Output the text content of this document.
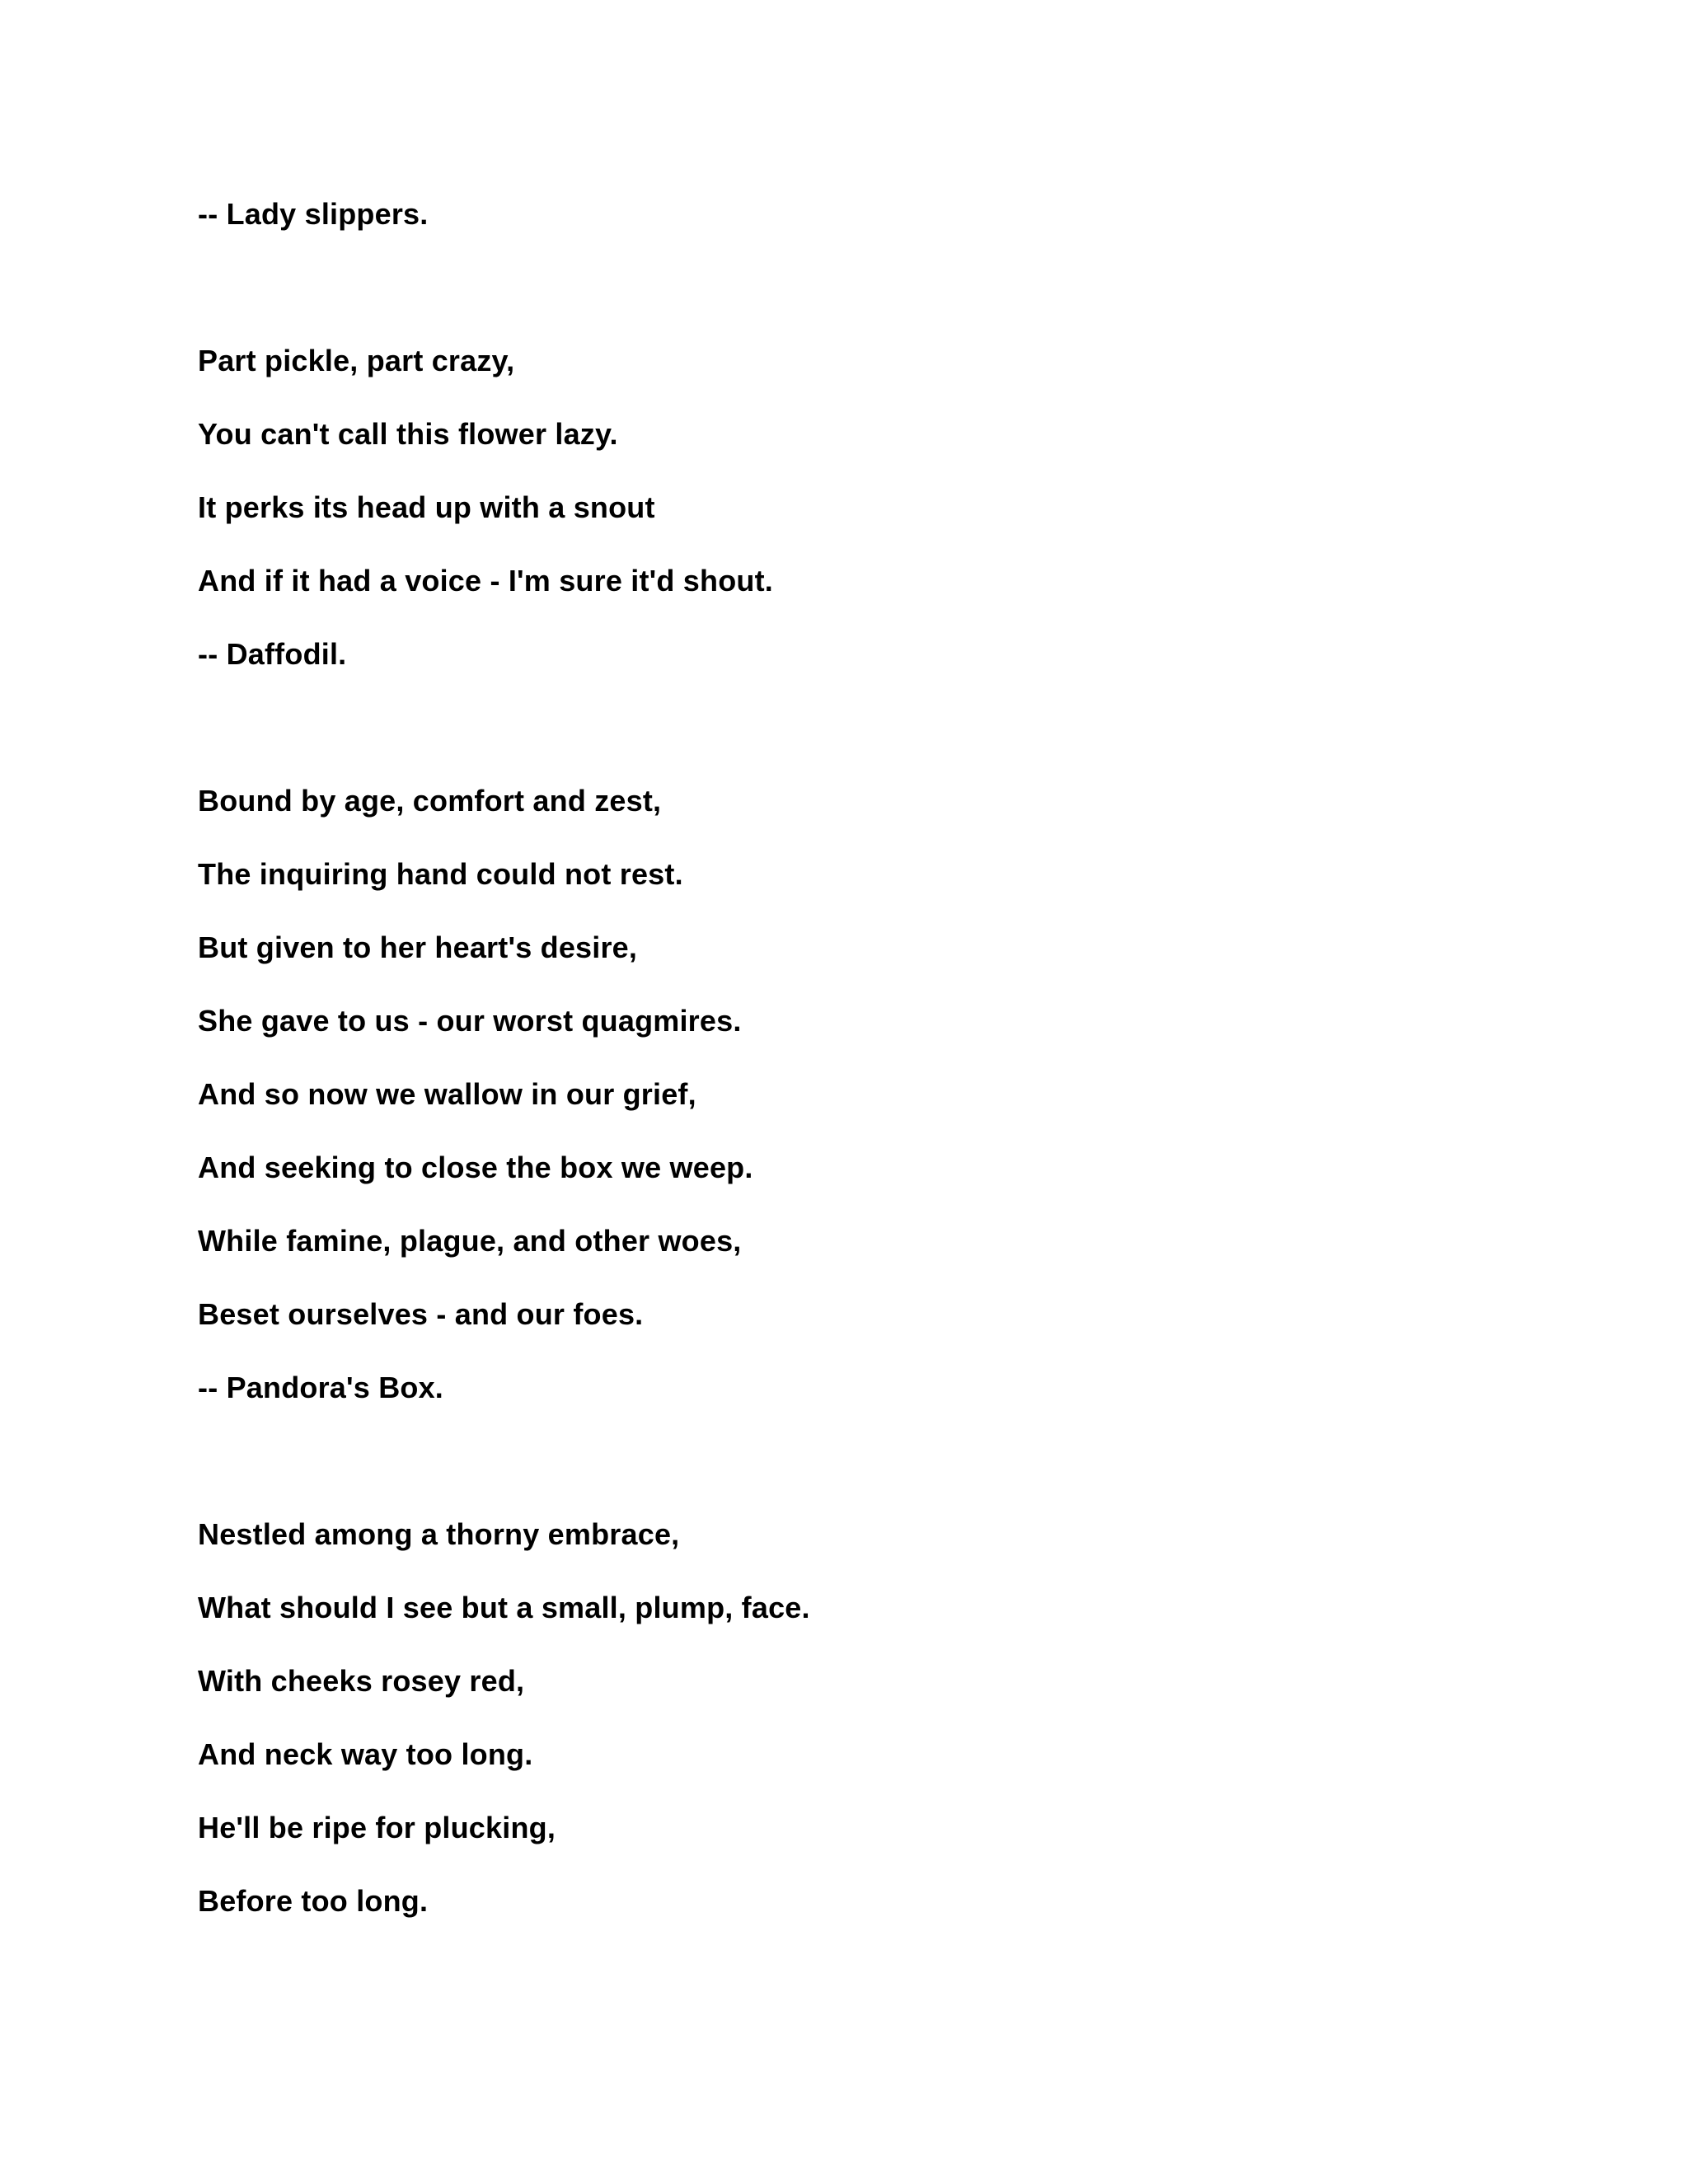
-- Lady slippers.

Part pickle, part crazy,

You can't call this flower lazy.

It perks its head up with a snout

And if it had a voice - I'm sure it'd shout.

-- Daffodil.

Bound by age, comfort and zest,

The inquiring hand could not rest.

But given to her heart's desire,

She gave to us - our worst quagmires.

And so now we wallow in our grief,

And seeking to close the box we weep.

While famine, plague, and other woes,

Beset ourselves - and our foes.

-- Pandora's Box.

Nestled among a thorny embrace,

What should I see but a small, plump, face.

With cheeks rosey red,

And neck way too long.

He'll be ripe for plucking,

Before too long.
